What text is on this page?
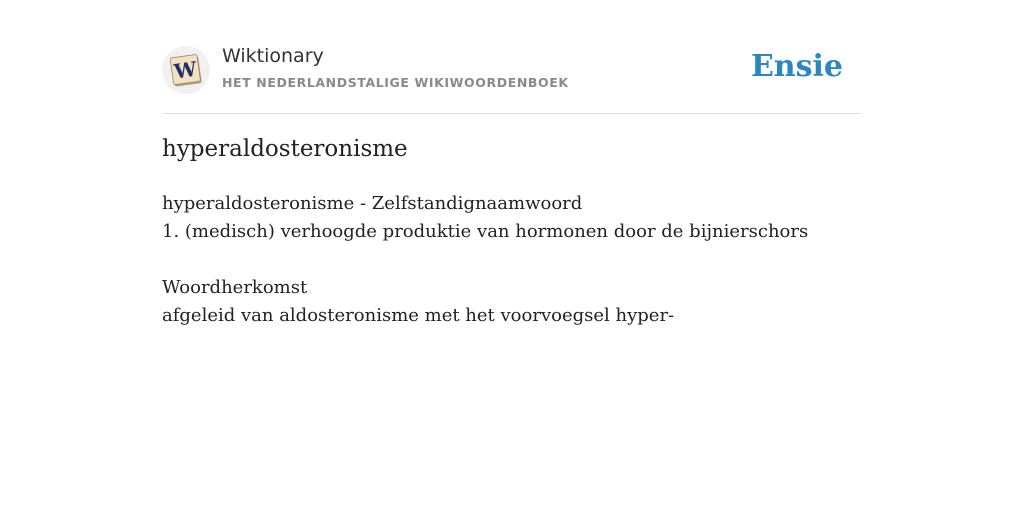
W
Wiktionary
HET NEDERLANDSTALIGE WIKIWOORDENBOEK	Ensie
hyperaldosteronisme
hyperaldosteronisme - Zelfstandignaamwoord
1. (medisch) verhoogde produktie van hormonen door de bijnierschors
Woordherkomst
afgeleid van aldosteronisme met het voorvoegsel hyper-
